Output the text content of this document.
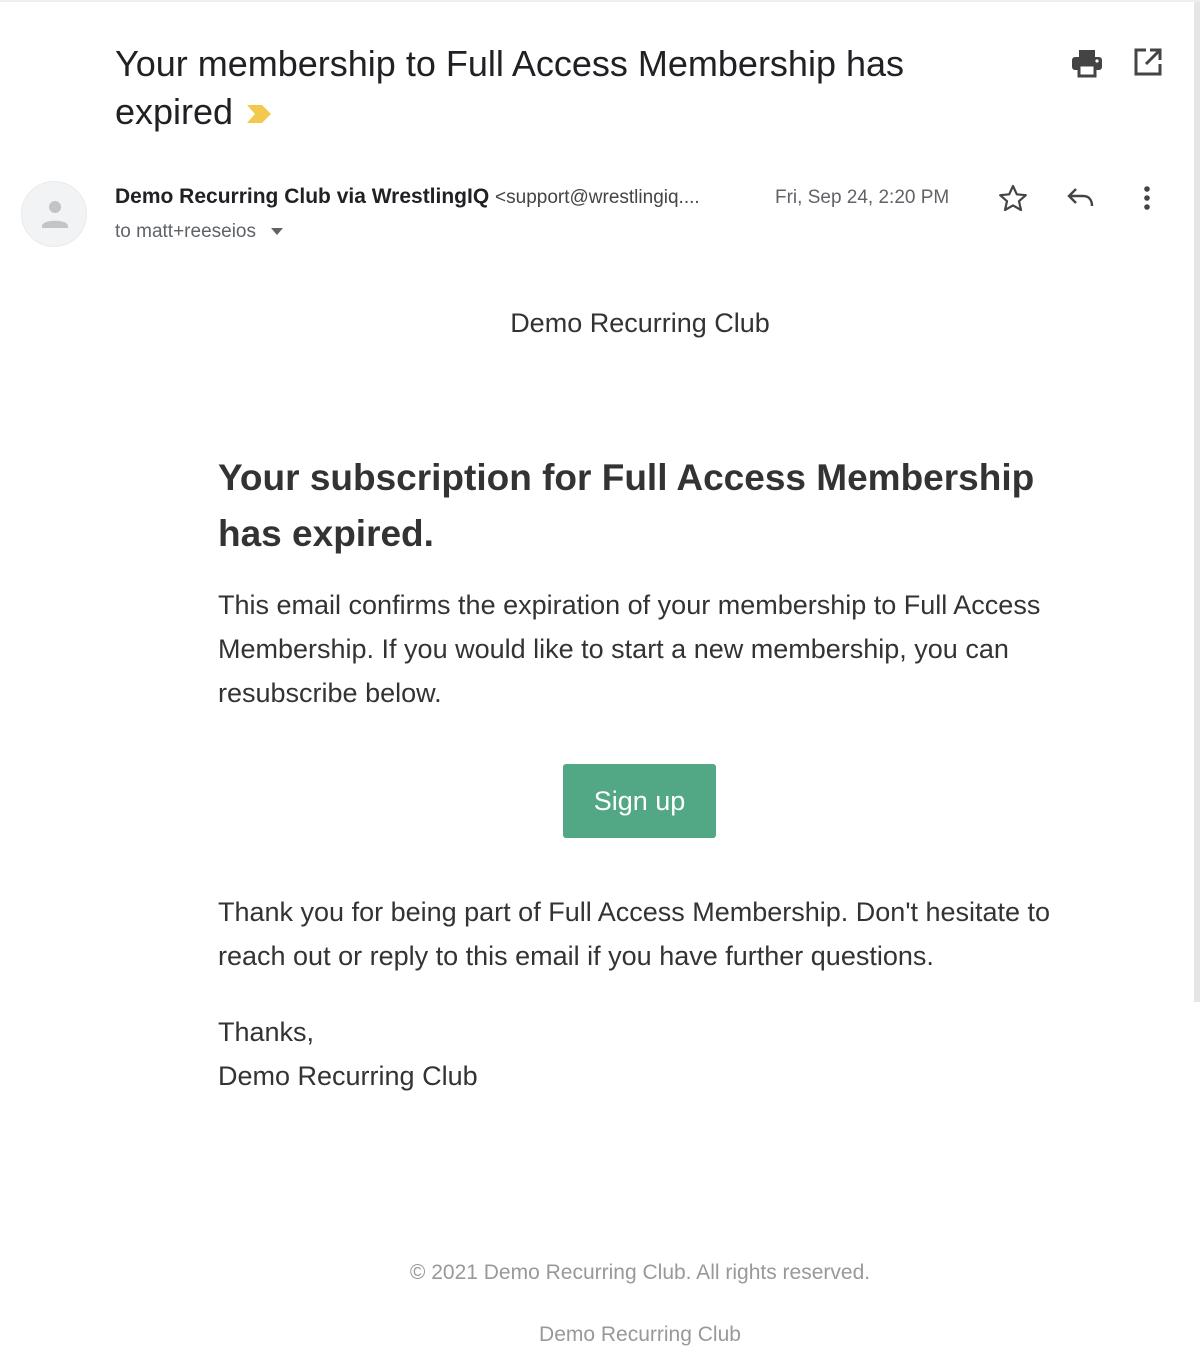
Your membership to Full Access Membership has expired
Demo Recurring Club via WrestlingIQ <support@wrestlingiq....
to matt+reeseios
Fri, Sep 24, 2:20 PM
Demo Recurring Club
Your subscription for Full Access Membership has expired.
This email confirms the expiration of your membership to Full Access Membership. If you would like to start a new membership, you can resubscribe below.
Sign up
Thank you for being part of Full Access Membership. Don't hesitate to reach out or reply to this email if you have further questions.
Thanks,
Demo Recurring Club
© 2021 Demo Recurring Club. All rights reserved.
Demo Recurring Club
